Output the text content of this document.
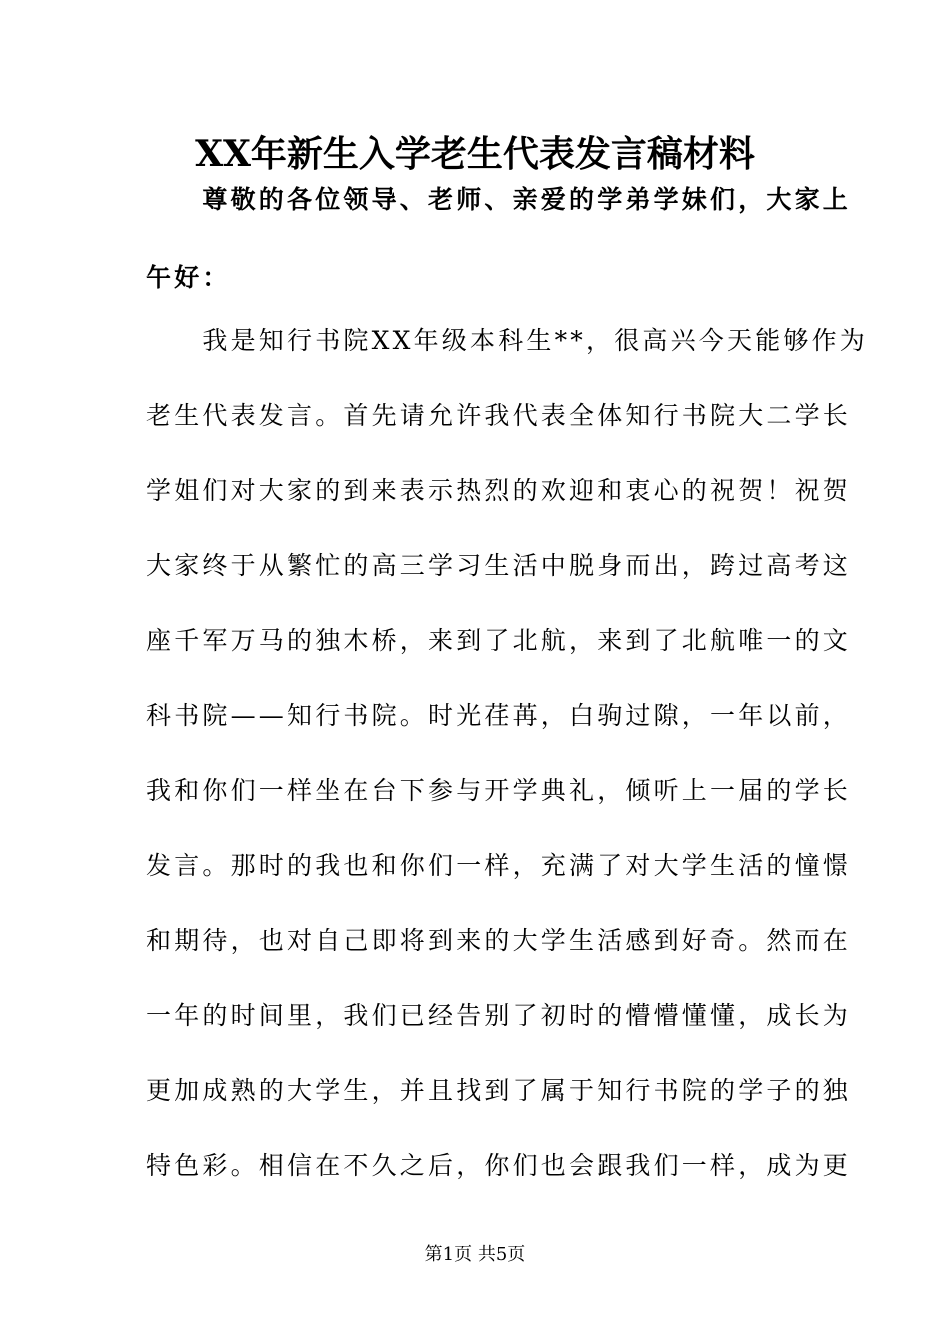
XX年新生入学老生代表发言稿材料
　　尊敬的各位领导、老师、亲爱的学弟学妹们，大家上
午好：
　　我是知行书院XX年级本科生**，很高兴今天能够作为
老生代表发言。首先请允许我代表全体知行书院大二学长
学姐们对大家的到来表示热烈的欢迎和衷心的祝贺！祝贺
大家终于从繁忙的高三学习生活中脱身而出，跨过高考这
座千军万马的独木桥，来到了北航，来到了北航唯一的文
科书院——知行书院。时光荏苒，白驹过隙，一年以前，
我和你们一样坐在台下参与开学典礼，倾听上一届的学长
发言。那时的我也和你们一样，充满了对大学生活的憧憬
和期待，也对自己即将到来的大学生活感到好奇。然而在
一年的时间里，我们已经告别了初时的懵懵懂懂，成长为
更加成熟的大学生，并且找到了属于知行书院的学子的独
特色彩。相信在不久之后，你们也会跟我们一样，成为更
第1页 共5页
